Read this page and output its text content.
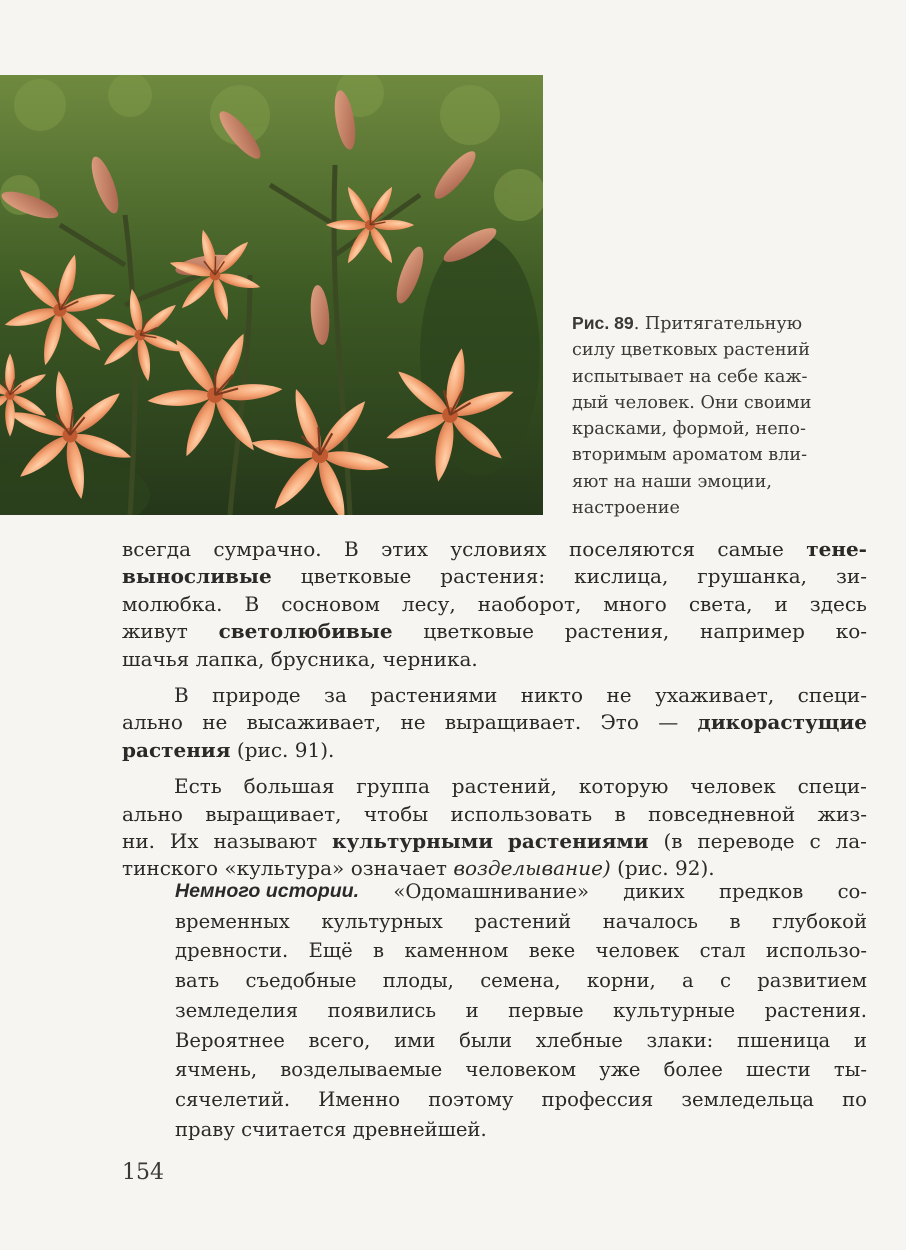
Рис. 89. Притягательную
силу цветковых растений
испытывает на себе каж-
дый человек. Они своими
красками, формой, непо-
вторимым ароматом вли-
яют на наши эмоции,
настроение
всегда сумрачно. В этих условиях поселяются самые тене-
выносливые цветковые растения: кислица, грушанка, зи-
молюбка. В сосновом лесу, наоборот, много света, и здесь
живут светолюбивые цветковые растения, например ко-
шачья лапка, брусника, черника.
В природе за растениями никто не ухаживает, специ-
ально не высаживает, не выращивает. Это — дикорастущие
растения (рис. 91).
Есть большая группа растений, которую человек специ-
ально выращивает, чтобы использовать в повседневной жиз-
ни. Их называют культурными растениями (в переводе с ла-
тинского «культура» означает возделывание) (рис. 92).
Немного истории. «Одомашнивание» диких предков со-
временных культурных растений началось в глубокой
древности. Ещё в каменном веке человек стал использо-
вать съедобные плоды, семена, корни, а с развитием
земледелия появились и первые культурные растения.
Вероятнее всего, ими были хлебные злаки: пшеница и
ячмень, возделываемые человеком уже более шести ты-
сячелетий. Именно поэтому профессия земледельца по
праву считается древнейшей.
154
